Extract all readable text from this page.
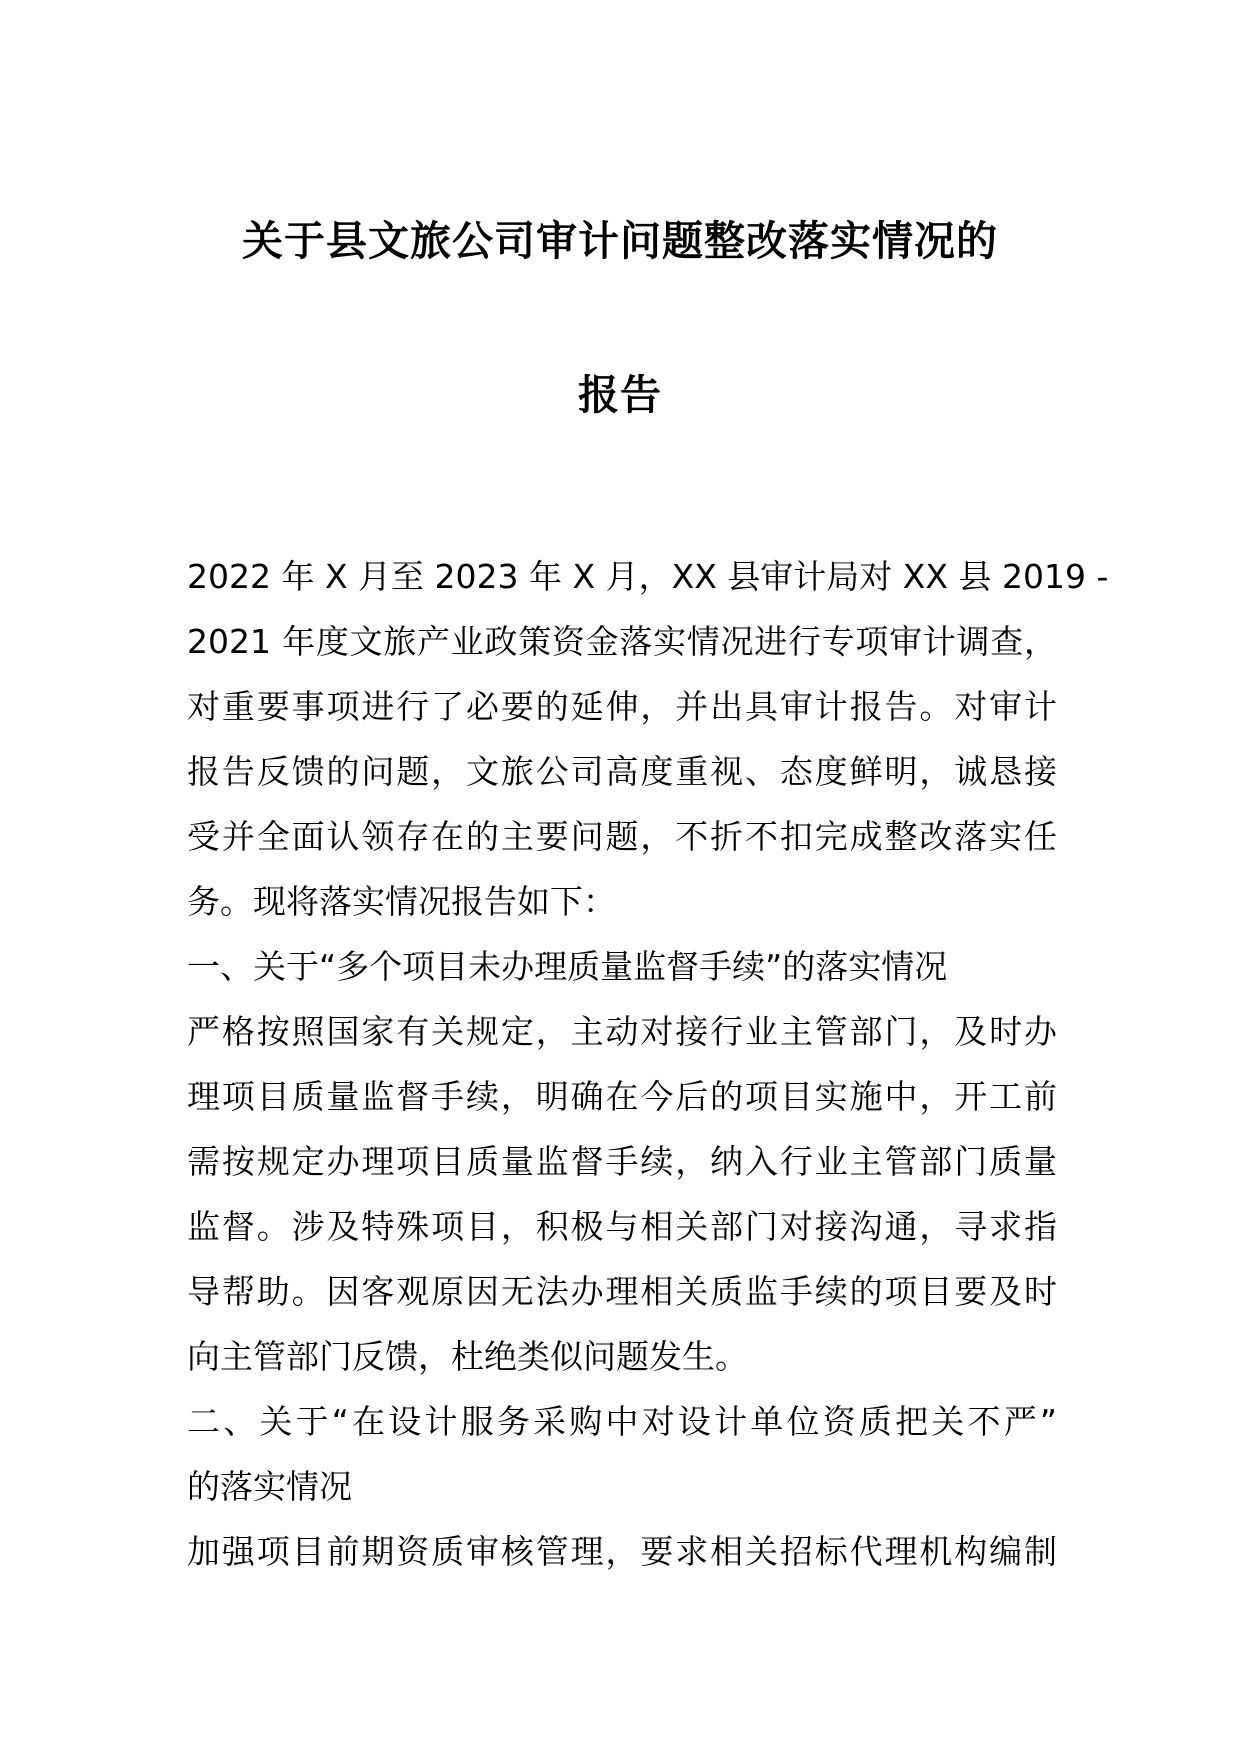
关于县文旅公司审计问题整改落实情况的
报告
2022 年 X 月至 2023 年 X 月，XX 县审计局对 XX 县 2019 -
2021 年度文旅产业政策资金落实情况进行专项审计调查，
对重要事项进行了必要的延伸，并出具审计报告。对审计
报告反馈的问题，文旅公司高度重视、态度鲜明，诚恳接
受并全面认领存在的主要问题，不折不扣完成整改落实任
务。现将落实情况报告如下：
一、关于“多个项目未办理质量监督手续”的落实情况
严格按照国家有关规定，主动对接行业主管部门，及时办
理项目质量监督手续，明确在今后的项目实施中，开工前
需按规定办理项目质量监督手续，纳入行业主管部门质量
监督。涉及特殊项目，积极与相关部门对接沟通，寻求指
导帮助。因客观原因无法办理相关质监手续的项目要及时
向主管部门反馈，杜绝类似问题发生。
二、关于“在设计服务采购中对设计单位资质把关不严”
的落实情况
加强项目前期资质审核管理，要求相关招标代理机构编制
